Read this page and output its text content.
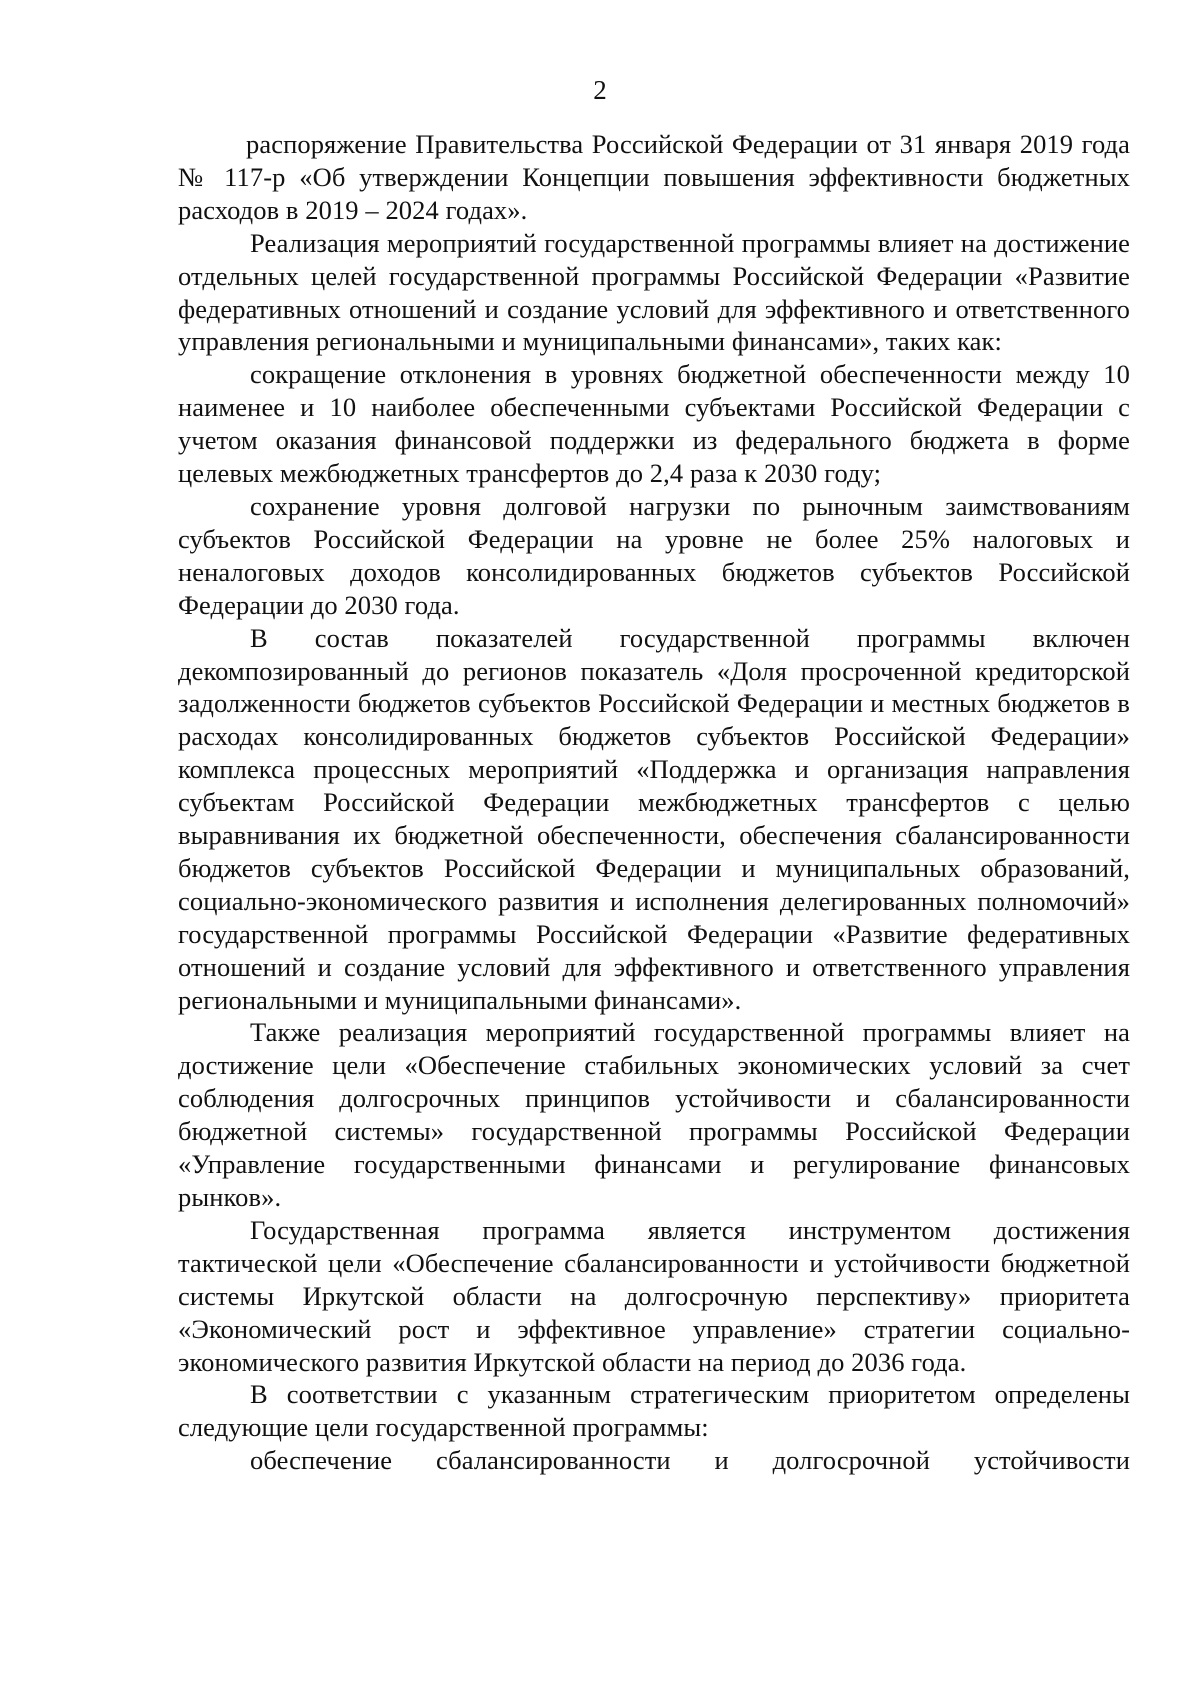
2

распоряжение Правительства Российской Федерации от 31 января 2019 года № 117-р «Об утверждении Концепции повышения эффективности бюджетных расходов в 2019 – 2024 годах».

Реализация мероприятий государственной программы влияет на достижение отдельных целей государственной программы Российской Федерации «Развитие федеративных отношений и создание условий для эффективного и ответственного управления региональными и муниципальными финансами», таких как:

сокращение отклонения в уровнях бюджетной обеспеченности между 10 наименее и 10 наиболее обеспеченными субъектами Российской Федерации с учетом оказания финансовой поддержки из федерального бюджета в форме целевых межбюджетных трансфертов до 2,4 раза к 2030 году;

сохранение уровня долговой нагрузки по рыночным заимствованиям субъектов Российской Федерации на уровне не более 25% налоговых и неналоговых доходов консолидированных бюджетов субъектов Российской Федерации до 2030 года.

В состав показателей государственной программы включен декомпозированный до регионов показатель «Доля просроченной кредиторской задолженности бюджетов субъектов Российской Федерации и местных бюджетов в расходах консолидированных бюджетов субъектов Российской Федерации» комплекса процессных мероприятий «Поддержка и организация направления субъектам Российской Федерации межбюджетных трансфертов с целью выравнивания их бюджетной обеспеченности, обеспечения сбалансированности бюджетов субъектов Российской Федерации и муниципальных образований, социально-экономического развития и исполнения делегированных полномочий» государственной программы Российской Федерации «Развитие федеративных отношений и создание условий для эффективного и ответственного управления региональными и муниципальными финансами».

Также реализация мероприятий государственной программы влияет на достижение цели «Обеспечение стабильных экономических условий за счет соблюдения долгосрочных принципов устойчивости и сбалансированности бюджетной системы» государственной программы Российской Федерации «Управление государственными финансами и регулирование финансовых рынков».

Государственная программа является инструментом достижения тактической цели «Обеспечение сбалансированности и устойчивости бюджетной системы Иркутской области на долгосрочную перспективу» приоритета «Экономический рост и эффективное управление» стратегии социально-экономического развития Иркутской области на период до 2036 года.

В соответствии с указанным стратегическим приоритетом определены следующие цели государственной программы:

обеспечение сбалансированности и долгосрочной устойчивости
